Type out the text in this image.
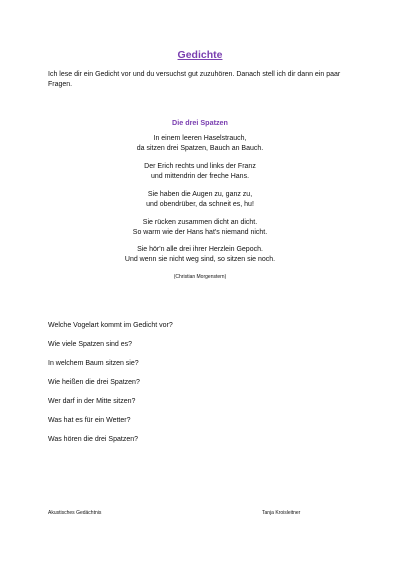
Gedichte
Ich lese dir ein Gedicht vor und du versuchst gut zuzuhören. Danach stell ich dir dann ein paar Fragen.
Die drei Spatzen
In einem leeren Haselstrauch,
da sitzen drei Spatzen, Bauch an Bauch.
Der Erich rechts und links der Franz
und mittendrin der freche Hans.
Sie haben die Augen zu, ganz zu,
und obendrüber, da schneit es, hu!
Sie rücken zusammen dicht an dicht.
So warm wie der Hans hat's niemand nicht.
Sie hör'n alle drei ihrer Herzlein Gepoch.
Und wenn sie nicht weg sind, so sitzen sie noch.
(Christian Morgenstern)
Welche Vogelart kommt im Gedicht vor?
Wie viele Spatzen sind es?
In welchem Baum sitzen sie?
Wie heißen die drei Spatzen?
Wer darf in der Mitte sitzen?
Was hat es für ein Wetter?
Was hören die drei Spatzen?
Akustisches Gedächtnis	Tanja Kroisleitner
